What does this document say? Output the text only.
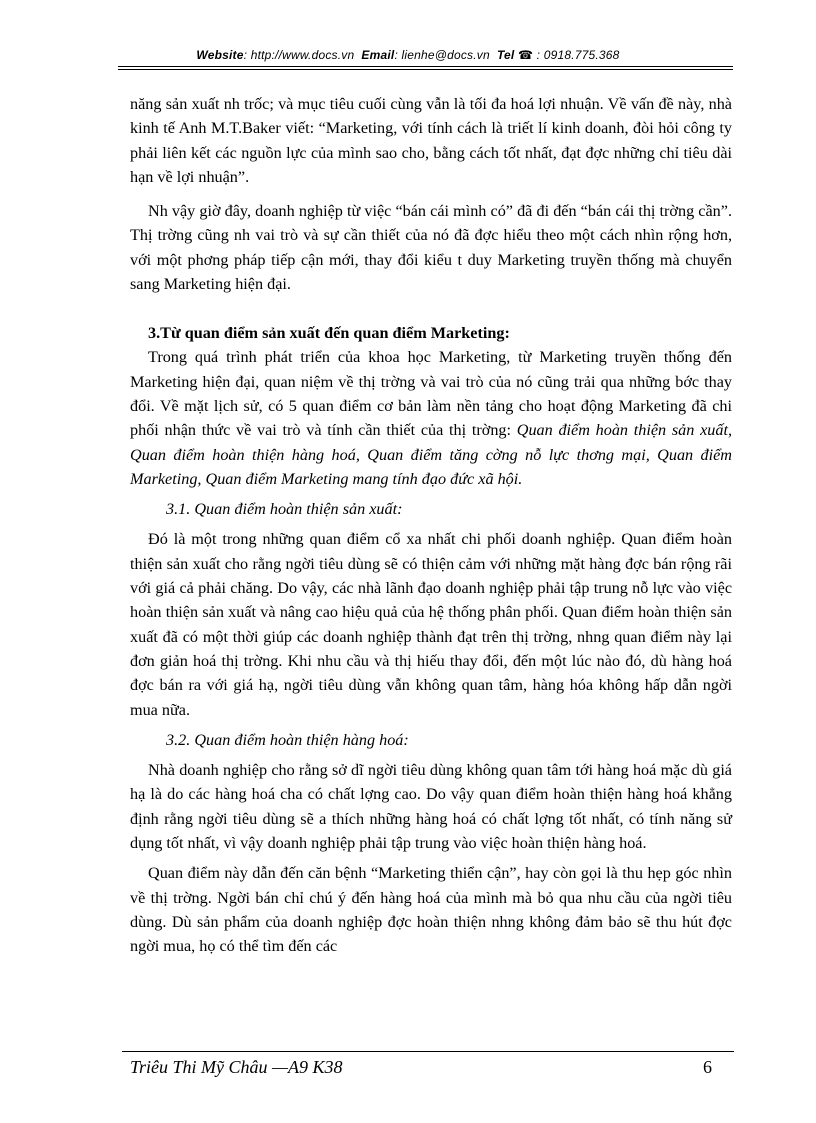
Website: http://www.docs.vn Email: lienhe@docs.vn Tel ☎ : 0918.775.368

năng sản xuất nh trốc; và mục tiêu cuối cùng vẫn là tối đa hoá lợi nhuận. Về vấn đề này, nhà kinh tế Anh M.T.Baker viết: “Marketing, với tính cách là triết lí kinh doanh, đòi hỏi công ty phải liên kết các nguồn lực của mình sao cho, bằng cách tốt nhất, đạt đợc những chỉ tiêu dài hạn về lợi nhuận”.

Nh vậy giờ đây, doanh nghiệp từ việc “bán cái mình có” đã đi đến “bán cái thị trờng cần”. Thị trờng cũng nh vai trò và sự cần thiết của nó đã đợc hiểu theo một cách nhìn rộng hơn, với một phơng pháp tiếp cận mới, thay đổi kiểu t duy Marketing truyền thống mà chuyển sang Marketing hiện đại.

3.Từ quan điểm sản xuất đến quan điểm Marketing:

Trong quá trình phát triển của khoa học Marketing, từ Marketing truyền thống đến Marketing hiện đại, quan niệm về thị trờng và vai trò của nó cũng trải qua những bớc thay đổi. Về mặt lịch sử, có 5 quan điểm cơ bản làm nền tảng cho hoạt động Marketing đã chi phối nhận thức về vai trò và tính cần thiết của thị trờng: Quan điểm hoàn thiện sản xuất, Quan điểm hoàn thiện hàng hoá, Quan điểm tăng cờng nỗ lực thơng mại, Quan điểm Marketing, Quan điểm Marketing mang tính đạo đức xã hội.

3.1. Quan điểm hoàn thiện sản xuất:

Đó là một trong những quan điểm cổ xa nhất chi phối doanh nghiệp. Quan điểm hoàn thiện sản xuất cho rằng ngời tiêu dùng sẽ có thiện cảm với những mặt hàng đợc bán rộng rãi với giá cả phải chăng. Do vậy, các nhà lãnh đạo doanh nghiệp phải tập trung nỗ lực vào việc hoàn thiện sản xuất và nâng cao hiệu quả của hệ thống phân phối. Quan điểm hoàn thiện sản xuất đã có một thời giúp các doanh nghiệp thành đạt trên thị trờng, nhng quan điểm này lại đơn giản hoá thị trờng. Khi nhu cầu và thị hiếu thay đổi, đến một lúc nào đó, dù hàng hoá đợc bán ra với giá hạ, ngời tiêu dùng vẫn không quan tâm, hàng hóa không hấp dẫn ngời mua nữa.

3.2. Quan điểm hoàn thiện hàng hoá:

Nhà doanh nghiệp cho rằng sở dĩ ngời tiêu dùng không quan tâm tới hàng hoá mặc dù giá hạ là do các hàng hoá cha có chất lợng cao. Do vậy quan điểm hoàn thiện hàng hoá khẳng định rằng ngời tiêu dùng sẽ a thích những hàng hoá có chất lợng tốt nhất, có tính năng sử dụng tốt nhất, vì vậy doanh nghiệp phải tập trung vào việc hoàn thiện hàng hoá.

Quan điểm này dẫn đến căn bệnh “Marketing thiển cận”, hay còn gọi là thu hẹp góc nhìn về thị trờng. Ngời bán chỉ chú ý đến hàng hoá của mình mà bỏ qua nhu cầu của ngời tiêu dùng. Dù sản phẩm của doanh nghiệp đợc hoàn thiện nhng không đảm bảo sẽ thu hút đợc ngời mua, họ có thể tìm đến các

Triêu Thi Mỹ Châu —A9 K38	6
